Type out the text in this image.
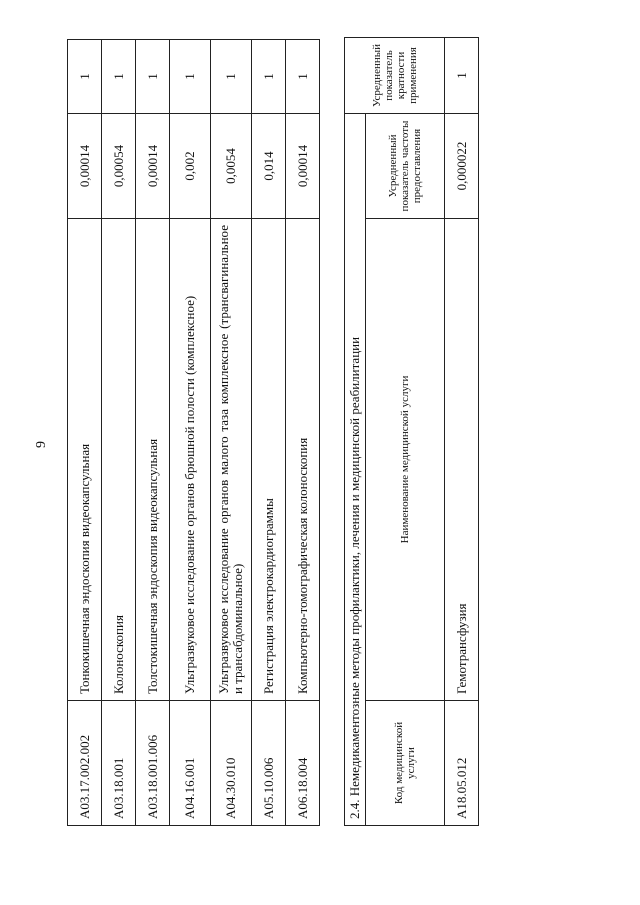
9
A03.17.002.002	Тонкокишечная эндоскопия видеокапсульная	0,00014	1
A03.18.001	Колоноскопия	0,00054	1
A03.18.001.006	Толстокишечная эндоскопия видеокапсульная	0,00014	1
A04.16.001	Ультразвуковое исследование органов брюшной полости (комплексное)	0,002	1
A04.30.010	Ультразвуковое исследование органов малого таза комплексное (трансвагинальное и трансабдоминальное)	0,0054	1
A05.10.006	Регистрация электрокардиограммы	0,014	1
A06.18.004	Компьютерно-томографическая колоноскопия	0,00014	1
2.4. Немедикаментозные методы профилактики, лечения и медицинской реабилитации			Усредненный показатель кратности применения
Код медицинской услуги	Наименование медицинской услуги	Усредненный показатель частоты предоставления	
A18.05.012	Гемотрансфузия	0,000022	1
